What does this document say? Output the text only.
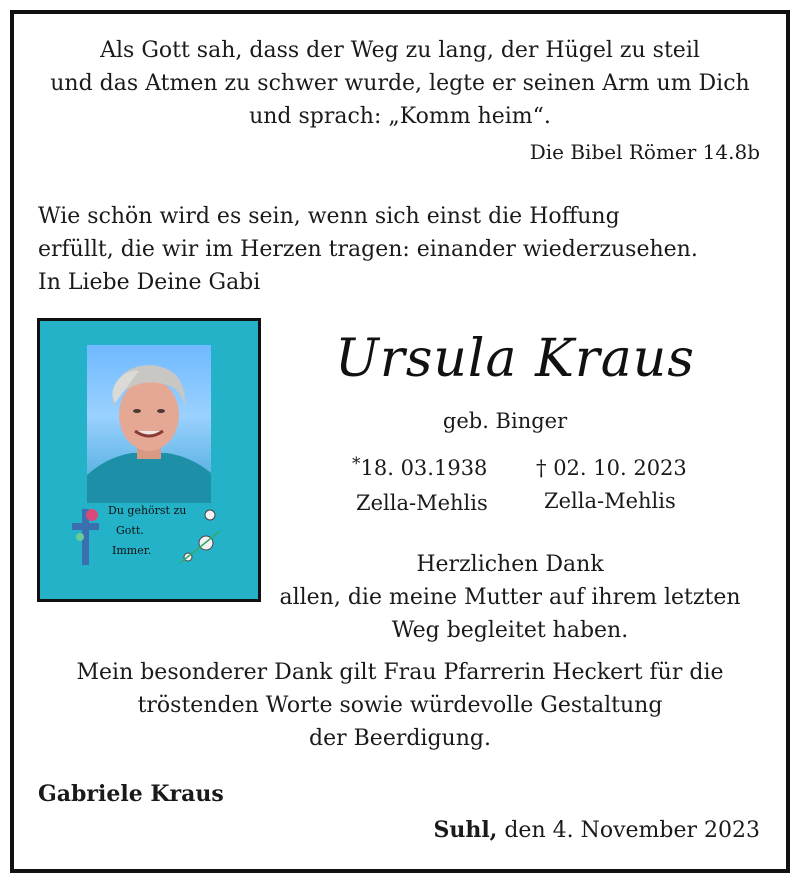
Als Gott sah, dass der Weg zu lang, der Hügel zu steil
und das Atmen zu schwer wurde, legte er seinen Arm um Dich
und sprach: „Komm heim“.
Die Bibel Römer 14.8b
Wie schön wird es sein, wenn sich einst die Hoffung
erfüllt, die wir im Herzen tragen: einander wiederzusehen.
In Liebe Deine Gabi
Du gehörst zu
Gott.
Immer.
Ursula Kraus
geb. Binger
*18. 03.1938
Zella-Mehlis
† 02. 10. 2023
Zella-Mehlis
Herzlichen Dank
allen, die meine Mutter auf ihrem letzten
Weg begleitet haben.
Mein besonderer Dank gilt Frau Pfarrerin Heckert für die
tröstenden Worte sowie würdevolle Gestaltung
der Beerdigung.
Gabriele Kraus
Suhl, den 4. November 2023
